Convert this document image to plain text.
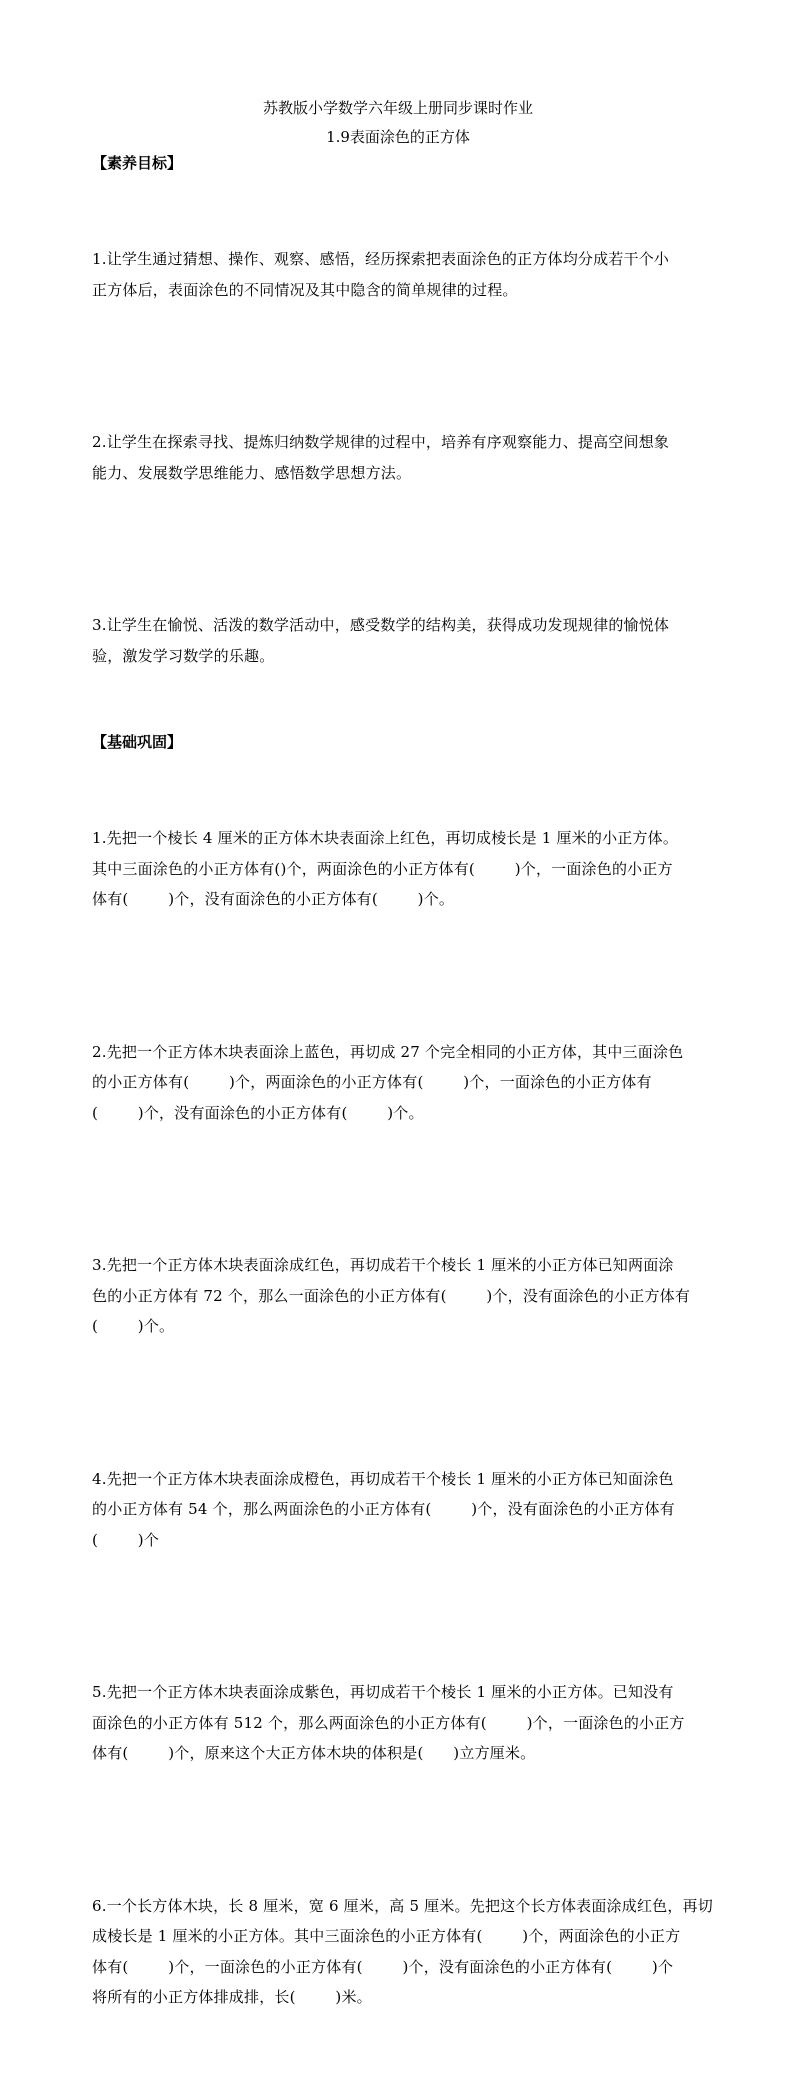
苏教版小学数学六年级上册同步课时作业

1.9表面涂色的正方体

【素养目标】

1.让学生通过猜想、操作、观察、感悟，经历探索把表面涂色的正方体均分成若干个小
正方体后，表面涂色的不同情况及其中隐含的简单规律的过程。

2.让学生在探索寻找、提炼归纳数学规律的过程中，培养有序观察能力、提高空间想象
能力、发展数学思维能力、感悟数学思想方法。

3.让学生在愉悦、活泼的数学活动中，感受数学的结构美，获得成功发现规律的愉悦体
验，激发学习数学的乐趣。

【基础巩固】

1.先把一个棱长 4 厘米的正方体木块表面涂上红色，再切成棱长是 1 厘米的小正方体。
其中三面涂色的小正方体有()个，两面涂色的小正方体有(        )个，一面涂色的小正方
体有(        )个，没有面涂色的小正方体有(        )个。

2.先把一个正方体木块表面涂上蓝色，再切成 27 个完全相同的小正方体，其中三面涂色
的小正方体有(        )个，两面涂色的小正方体有(        )个，一面涂色的小正方体有
(        )个，没有面涂色的小正方体有(        )个。

3.先把一个正方体木块表面涂成红色，再切成若干个棱长 1 厘米的小正方体已知两面涂
色的小正方体有 72 个，那么一面涂色的小正方体有(        )个，没有面涂色的小正方体有
(        )个。

4.先把一个正方体木块表面涂成橙色，再切成若干个棱长 1 厘米的小正方体已知面涂色
的小正方体有 54 个，那么两面涂色的小正方体有(        )个，没有面涂色的小正方体有
(        )个

5.先把一个正方体木块表面涂成紫色，再切成若干个棱长 1 厘米的小正方体。已知没有
面涂色的小正方体有 512 个，那么两面涂色的小正方体有(        )个，一面涂色的小正方
体有(        )个，原来这个大正方体木块的体积是(      )立方厘米。

6.一个长方体木块，长 8 厘米，宽 6 厘米，高 5 厘米。先把这个长方体表面涂成红色，再切
成棱长是 1 厘米的小正方体。其中三面涂色的小正方体有(        )个，两面涂色的小正方
体有(        )个，一面涂色的小正方体有(        )个，没有面涂色的小正方体有(        )个
将所有的小正方体排成排，长(        )米。
